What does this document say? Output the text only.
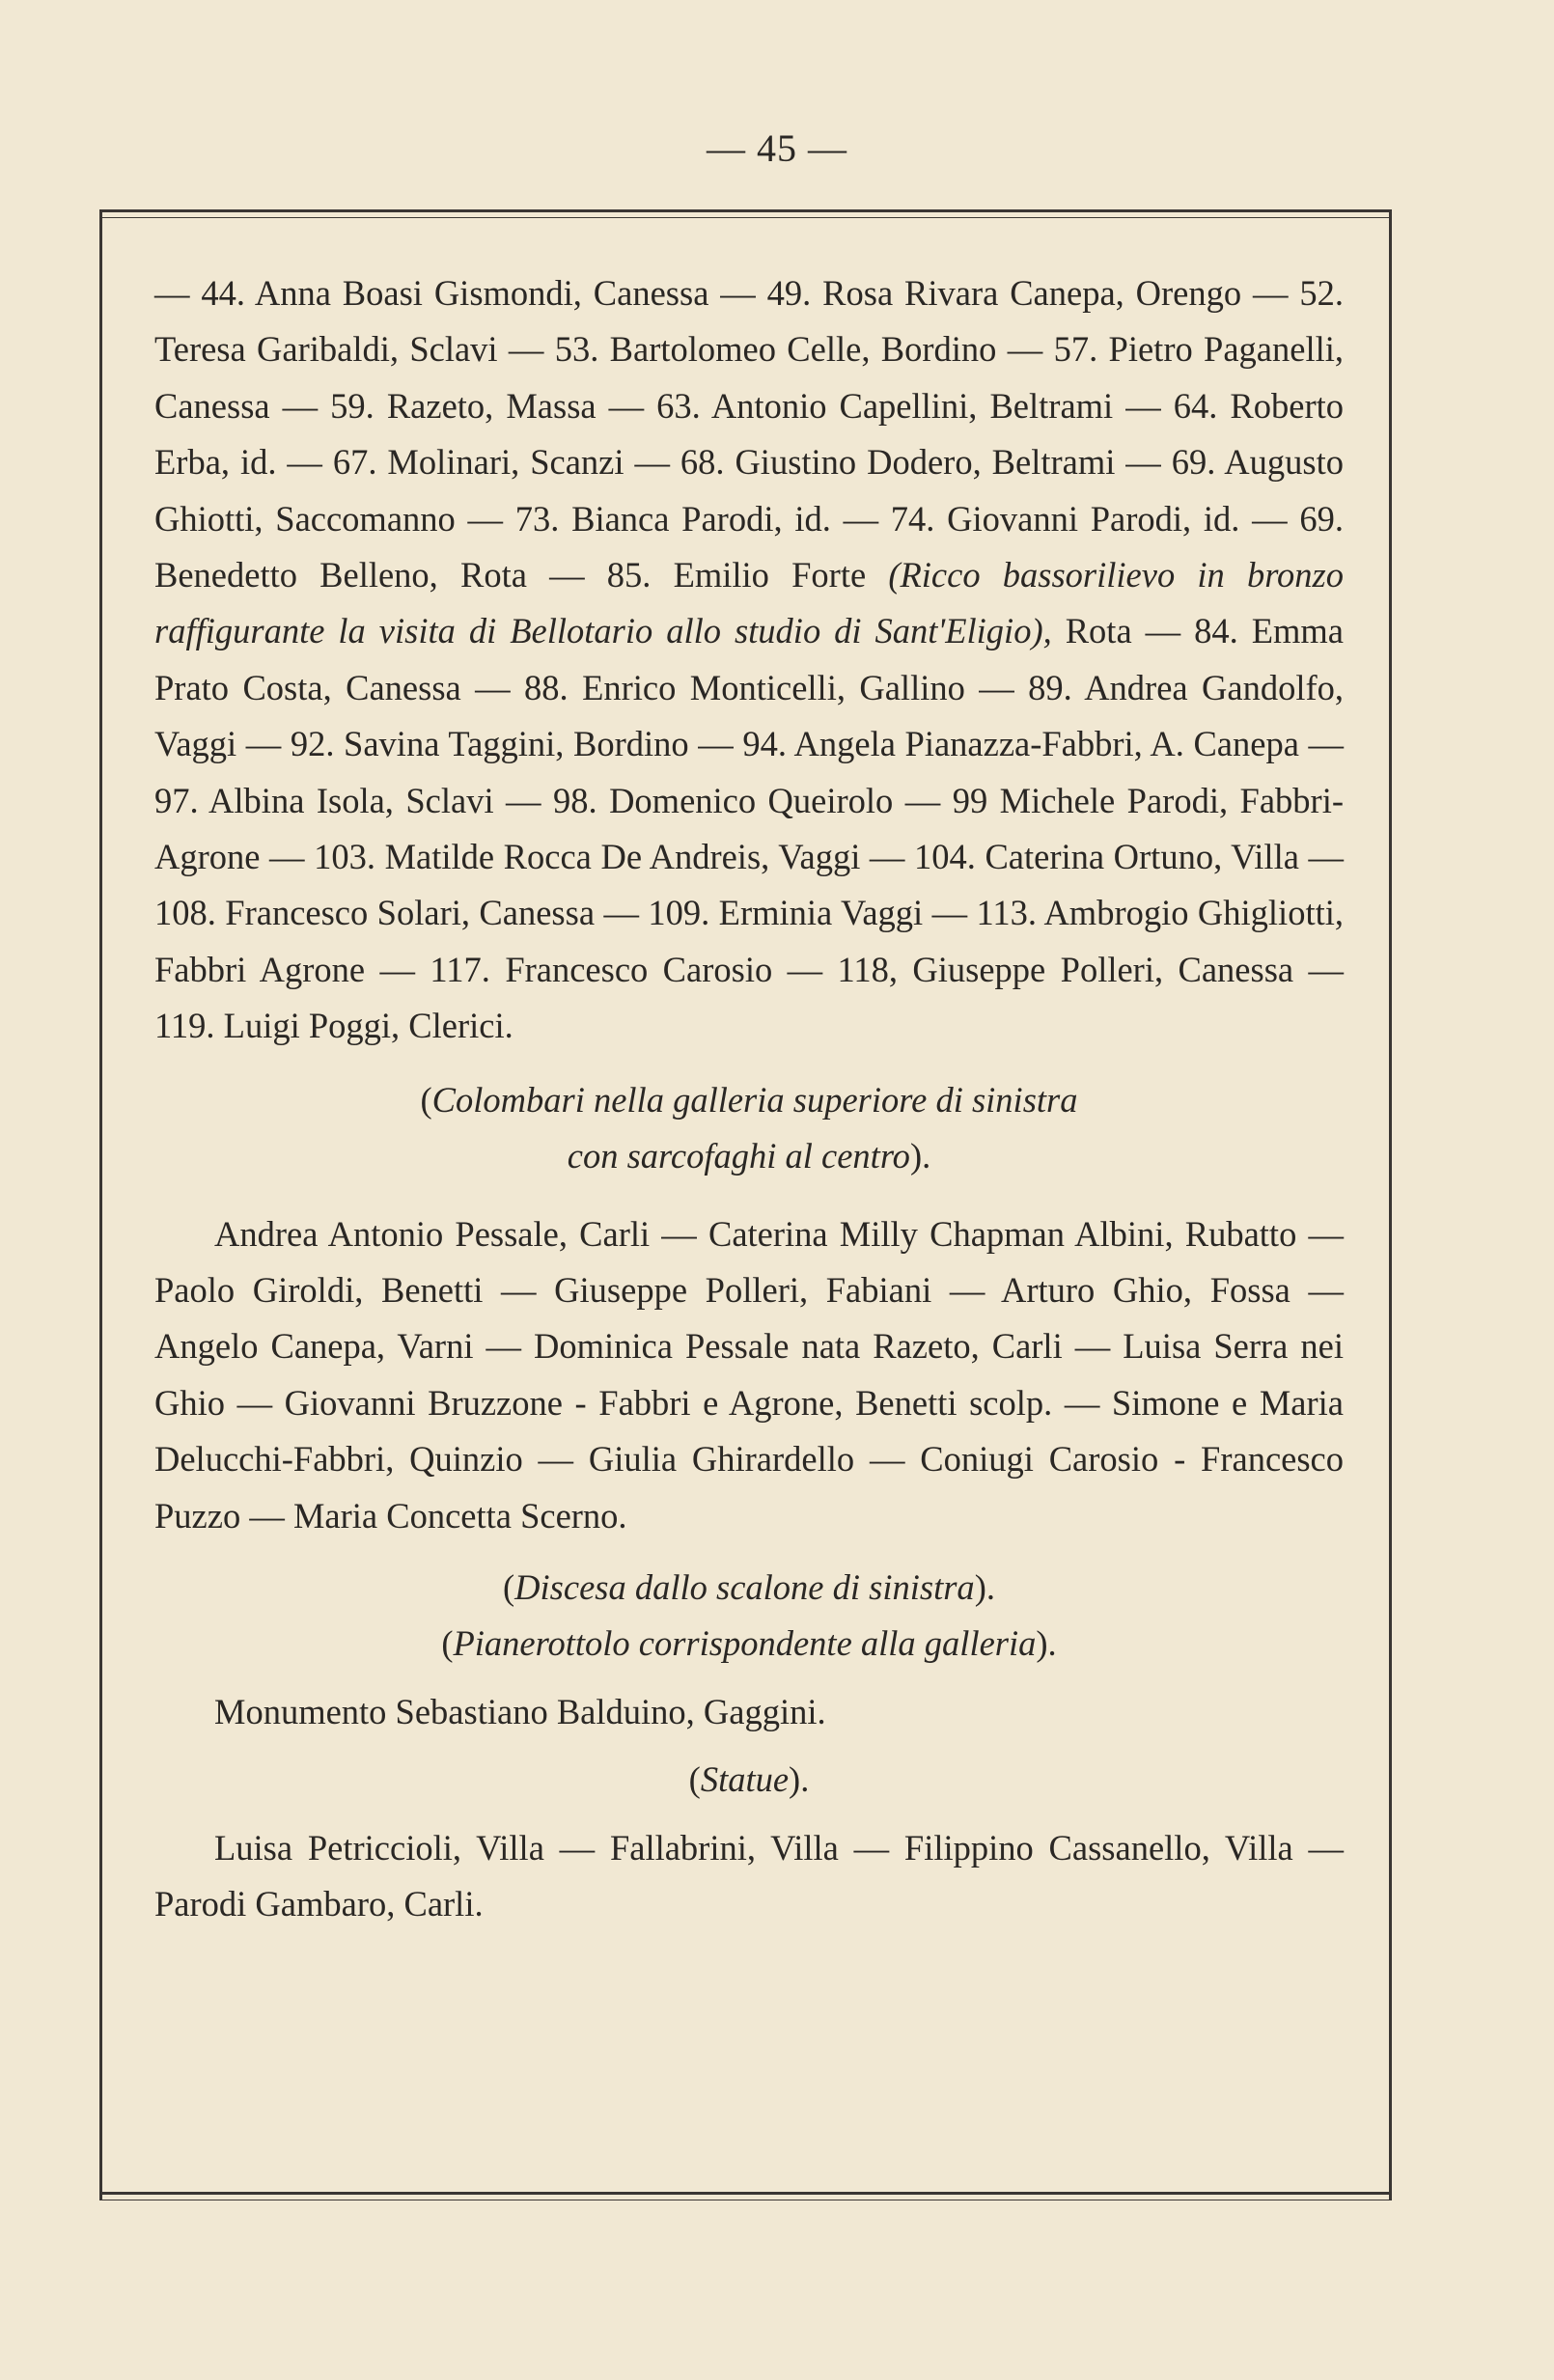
— 45 —

— 44. Anna Boasi Gismondi, Canessa — 49. Rosa Rivara Canepa, Orengo — 52. Teresa Garibaldi, Sclavi — 53. Bartolomeo Celle, Bordino — 57. Pietro Paganelli, Canessa — 59. Razeto, Massa — 63. Antonio Capellini, Beltrami — 64. Roberto Erba, id. — 67. Molinari, Scanzi — 68. Giustino Dodero, Beltrami — 69. Augusto Ghiotti, Saccomanno — 73. Bianca Parodi, id. — 74. Giovanni Parodi, id. — 69. Benedetto Belleno, Rota — 85. Emilio Forte (Ricco bassorilievo in bronzo raffigurante la visita di Bellotario allo studio di Sant'Eligio), Rota — 84. Emma Prato Costa, Canessa — 88. Enrico Monticelli, Gallino — 89. Andrea Gandolfo, Vaggi — 92. Savina Taggini, Bordino — 94. Angela Pianazza-Fabbri, A. Canepa — 97. Albina Isola, Sclavi — 98. Domenico Queirolo — 99 Michele Parodi, Fabbri-Agrone — 103. Matilde Rocca De Andreis, Vaggi — 104. Caterina Ortuno, Villa — 108. Francesco Solari, Canessa — 109. Erminia Vaggi — 113. Ambrogio Ghigliotti, Fabbri Agrone — 117. Francesco Carosio — 118, Giuseppe Polleri, Canessa — 119. Luigi Poggi, Clerici.

(Colombari nella galleria superiore di sinistra
con sarcofaghi al centro).

Andrea Antonio Pessale, Carli — Caterina Milly Chapman Albini, Rubatto — Paolo Giroldi, Benetti — Giuseppe Polleri, Fabiani — Arturo Ghio, Fossa — Angelo Canepa, Varni — Dominica Pessale nata Razeto, Carli — Luisa Serra nei Ghio — Giovanni Bruzzone - Fabbri e Agrone, Benetti scolp. — Simone e Maria Delucchi-Fabbri, Quinzio — Giulia Ghirardello — Coniugi Carosio - Francesco Puzzo — Maria Concetta Scerno.

(Discesa dallo scalone di sinistra).

(Pianerottolo corrispondente alla galleria).

Monumento Sebastiano Balduino, Gaggini.

(Statue).

Luisa Petriccioli, Villa — Fallabrini, Villa — Filippino Cassanello, Villa — Parodi Gambaro, Carli.
